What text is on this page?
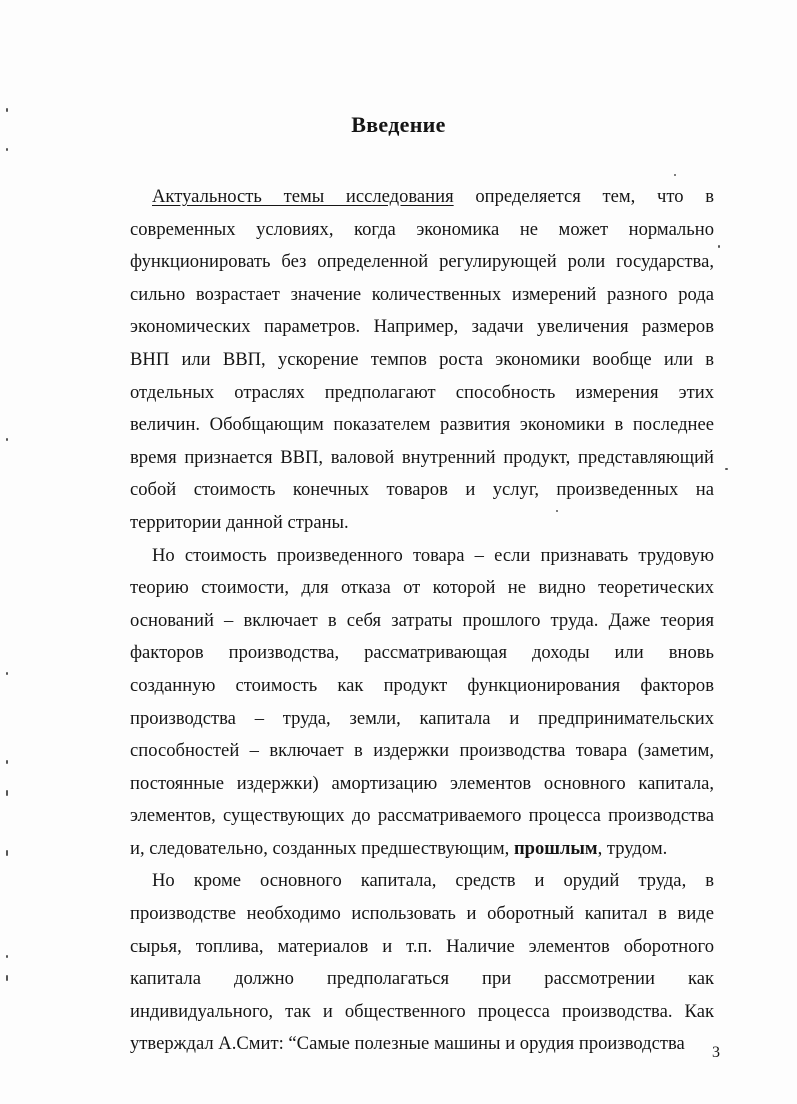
Введение
Актуальность темы исследования определяется тем, что в
современных условиях, когда экономика не может нормально
функционировать без определенной регулирующей роли государства,
сильно возрастает значение количественных измерений разного рода
экономических параметров. Например, задачи увеличения размеров
ВНП или ВВП, ускорение темпов роста экономики вообще или в
отдельных отраслях предполагают способность измерения этих
величин. Обобщающим показателем развития экономики в последнее
время признается ВВП, валовой внутренний продукт, представляющий
собой стоимость конечных товаров и услуг, произведенных на
территории данной страны.
Но стоимость произведенного товара – если признавать трудовую
теорию стоимости, для отказа от которой не видно теоретических
оснований – включает в себя затраты прошлого труда. Даже теория
факторов производства, рассматривающая доходы или вновь
созданную стоимость как продукт функционирования факторов
производства – труда, земли, капитала и предпринимательских
способностей – включает в издержки производства товара (заметим,
постоянные издержки) амортизацию элементов основного капитала,
элементов, существующих до рассматриваемого процесса производства
и, следовательно, созданных предшествующим, прошлым, трудом.
Но кроме основного капитала, средств и орудий труда, в
производстве необходимо использовать и оборотный капитал в виде
сырья, топлива, материалов и т.п. Наличие элементов оборотного
капитала должно предполагаться при рассмотрении как
индивидуального, так и общественного процесса производства. Как
утверждал А.Смит: “Самые полезные машины и орудия производства	3
